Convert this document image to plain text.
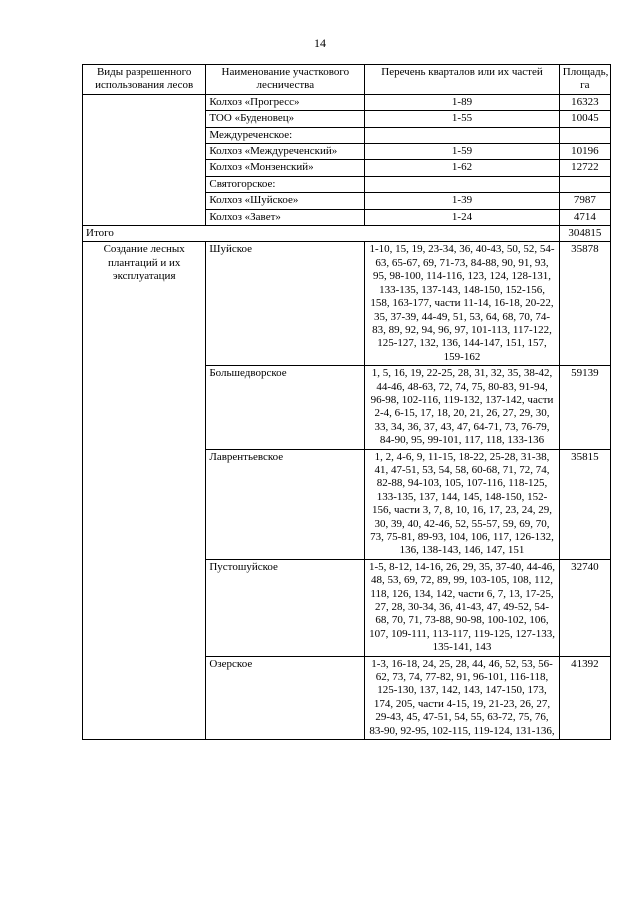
14
Виды разрешенного использования лесов	Наименование участкового лесничества	Перечень кварталов или их частей	Площадь, га
	Колхоз «Прогресс»	1-89	16323
	ТОО «Буденовец»	1-55	10045
	Междуреченское:		
	Колхоз «Междуреченский»	1-59	10196
	Колхоз «Монзенский»	1-62	12722
	Святогорское:		
	Колхоз «Шуйское»	1-39	7987
	Колхоз «Завет»	1-24	4714
Итого			304815
Создание лесных плантаций и их эксплуатация	Шуйское	1-10, 15, 19, 23-34, 36, 40-43, 50, 52, 54-63, 65-67, 69, 71-73, 84-88, 90, 91, 93, 95, 98-100, 114-116, 123, 124, 128-131, 133-135, 137-143, 148-150, 152-156, 158, 163-177, части 11-14, 16-18, 20-22, 35, 37-39, 44-49, 51, 53, 64, 68, 70, 74-83, 89, 92, 94, 96, 97, 101-113, 117-122, 125-127, 132, 136, 144-147, 151, 157, 159-162	35878
	Большедворское	1, 5, 16, 19, 22-25, 28, 31, 32, 35, 38-42, 44-46, 48-63, 72, 74, 75, 80-83, 91-94, 96-98, 102-116, 119-132, 137-142, части 2-4, 6-15, 17, 18, 20, 21, 26, 27, 29, 30, 33, 34, 36, 37, 43, 47, 64-71, 73, 76-79, 84-90, 95, 99-101, 117, 118, 133-136	59139
	Лаврентьевское	1, 2, 4-6, 9, 11-15, 18-22, 25-28, 31-38, 41, 47-51, 53, 54, 58, 60-68, 71, 72, 74, 82-88, 94-103, 105, 107-116, 118-125, 133-135, 137, 144, 145, 148-150, 152-156, части 3, 7, 8, 10, 16, 17, 23, 24, 29, 30, 39, 40, 42-46, 52, 55-57, 59, 69, 70, 73, 75-81, 89-93, 104, 106, 117, 126-132, 136, 138-143, 146, 147, 151	35815
	Пустошуйское	1-5, 8-12, 14-16, 26, 29, 35, 37-40, 44-46, 48, 53, 69, 72, 89, 99, 103-105, 108, 112, 118, 126, 134, 142, части 6, 7, 13, 17-25, 27, 28, 30-34, 36, 41-43, 47, 49-52, 54-68, 70, 71, 73-88, 90-98, 100-102, 106, 107, 109-111, 113-117, 119-125, 127-133, 135-141, 143	32740
	Озерское	1-3, 16-18, 24, 25, 28, 44, 46, 52, 53, 56-62, 73, 74, 77-82, 91, 96-101, 116-118, 125-130, 137, 142, 143, 147-150, 173, 174, 205, части 4-15, 19, 21-23, 26, 27, 29-43, 45, 47-51, 54, 55, 63-72, 75, 76, 83-90, 92-95, 102-115, 119-124, 131-136,	41392
